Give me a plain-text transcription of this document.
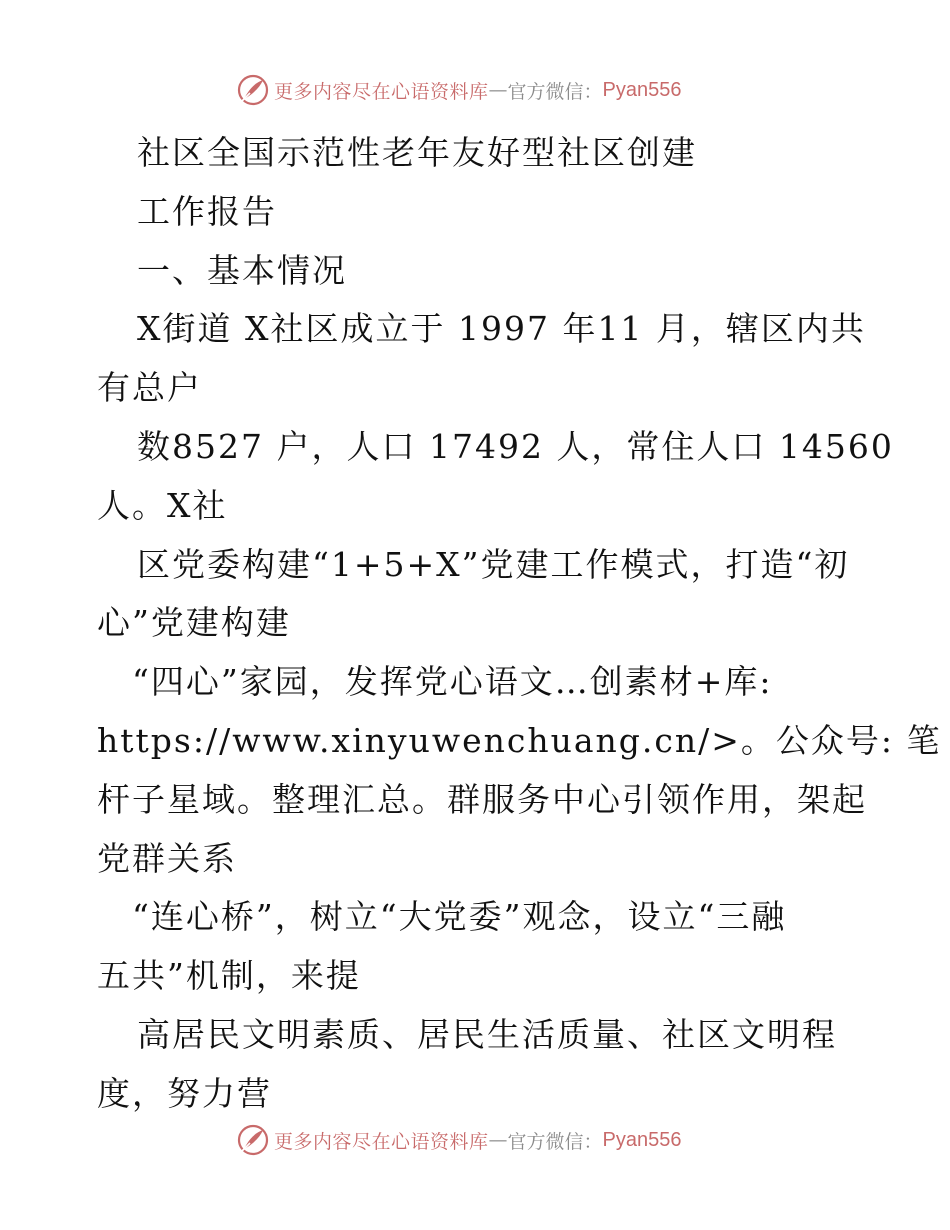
更多内容尽在心语资料库 — 官方微信： Pyan556
社区全国示范性老年友好型社区创建
工作报告
一、基本情况
X街道 X社区成立于 1997 年11 月，辖区内共
有总户
数8527 户，人口 17492 人，常住人口 14560
人。X社
区党委构建“1+5+X”党建工作模式，打造“初
心”党建构建
“四心”家园，发挥党心语文…创素材+库:
https://www.xinyuwenchuang.cn/>。公众号: 笔
杆子星域。整理汇总。群服务中心引领作用，架起
党群关系
“连心桥”，树立“大党委”观念，设立“三融
五共”机制，来提
高居民文明素质、居民生活质量、社区文明程
度，努力营
更多内容尽在心语资料库 — 官方微信： Pyan556
